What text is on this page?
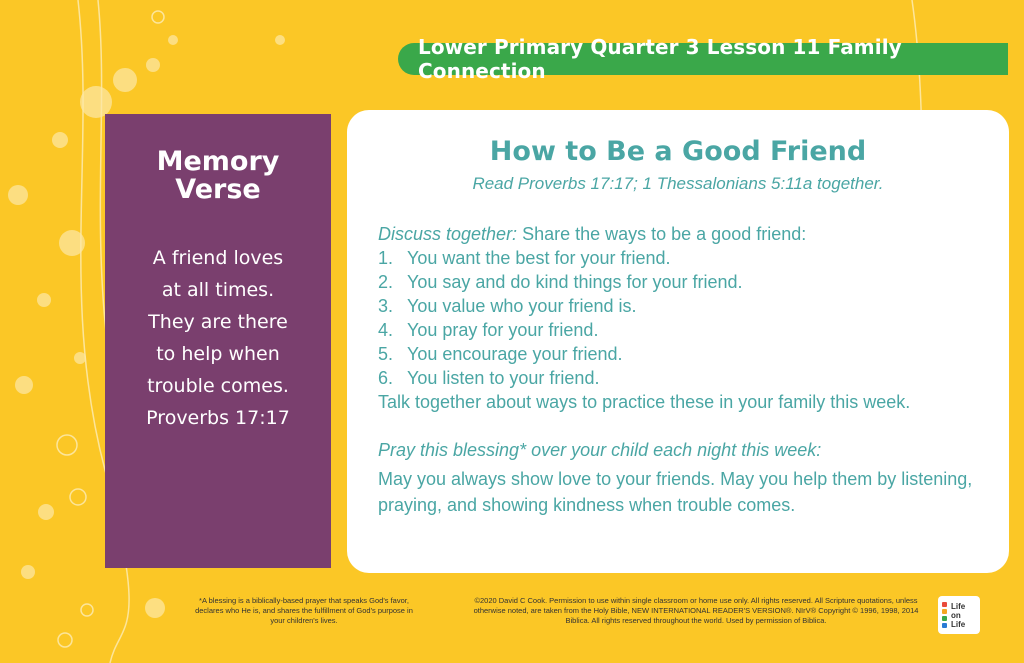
Lower Primary Quarter 3 Lesson 11 Family Connection
Memory
Verse
A friend loves
at all times.
They are there
to help when
trouble comes.
Proverbs 17:17
How to Be a Good Friend
Read Proverbs 17:17; 1 Thessalonians 5:11a together.
Discuss together: Share the ways to be a good friend:
1. You want the best for your friend.
2. You say and do kind things for your friend.
3. You value who your friend is.
4. You pray for your friend.
5. You encourage your friend.
6. You listen to your friend.
Talk together about ways to practice these in your family this week.
Pray this blessing* over your child each night this week:
May you always show love to your friends. May you help them by listening, praying, and showing kindness when trouble comes.
*A blessing is a biblically-based prayer that speaks God's favor, declares who He is, and shares the fulfillment of God's purpose in your children's lives.
©2020 David C Cook. Permission to use within single classroom or home use only. All rights reserved. All Scripture quotations, unless otherwise noted, are taken from the Holy Bible, NEW INTERNATIONAL READER'S VERSION®. NIrV® Copyright © 1996, 1998, 2014 Biblica. All rights reserved throughout the world. Used by permission of Biblica.
Life
on
Life
